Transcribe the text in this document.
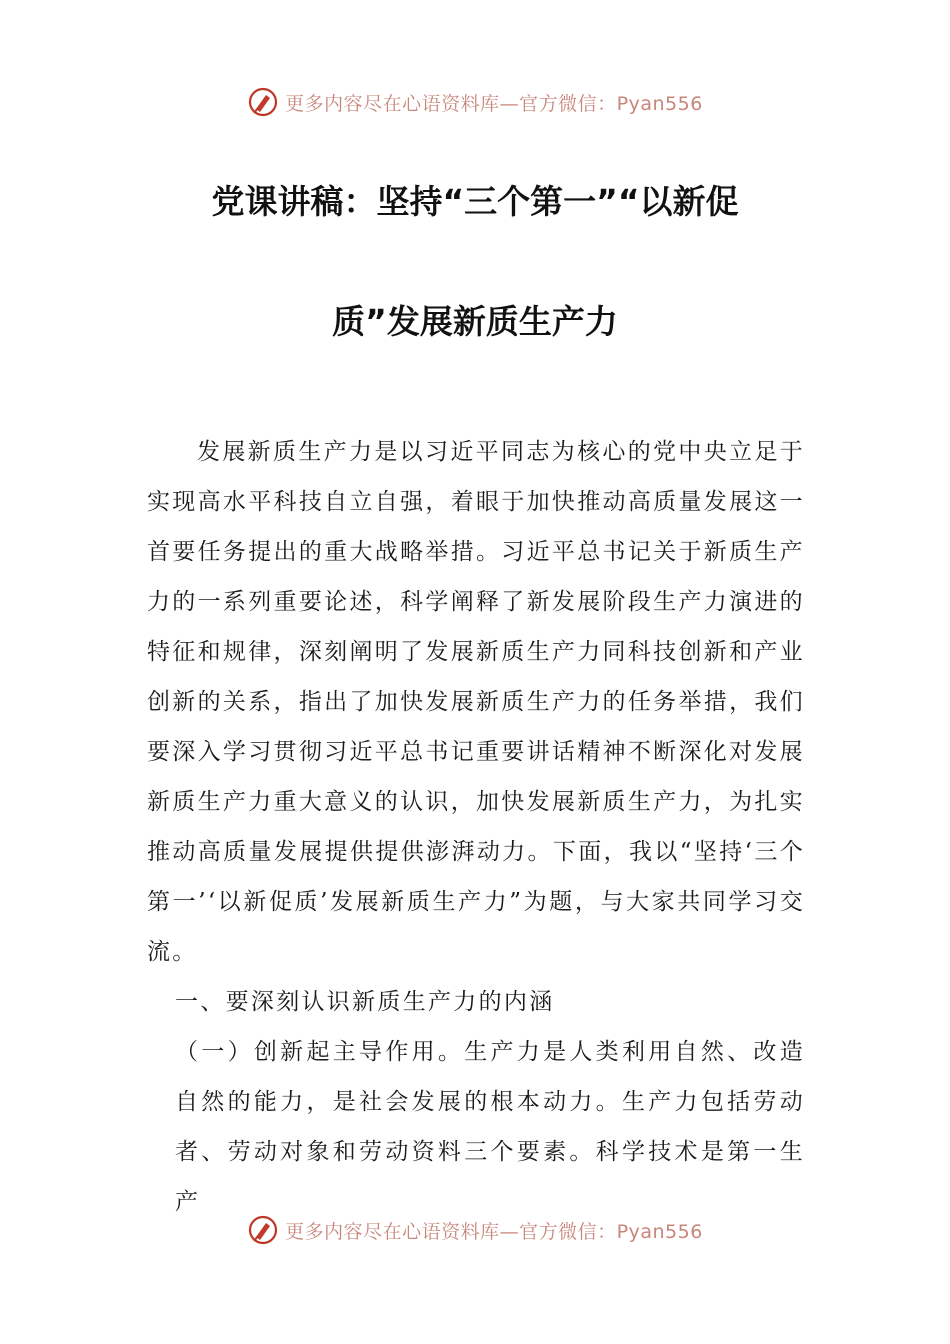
更多内容尽在心语资料库—官方微信：Pyan556
党课讲稿：坚持“三个第一”“以新促
质”发展新质生产力

发展新质生产力是以习近平同志为核心的党中央立足于实现高水平科技自立自强，着眼于加快推动高质量发展这一首要任务提出的重大战略举措。习近平总书记关于新质生产力的一系列重要论述，科学阐释了新发展阶段生产力演进的特征和规律，深刻阐明了发展新质生产力同科技创新和产业创新的关系，指出了加快发展新质生产力的任务举措，我们要深入学习贯彻习近平总书记重要讲话精神不断深化对发展新质生产力重大意义的认识，加快发展新质生产力，为扎实推动高质量发展提供提供澎湃动力。下面，我以“坚持‘三个第一’‘以新促质’发展新质生产力”为题，与大家共同学习交流。

一、要深刻认识新质生产力的内涵

（一）创新起主导作用。生产力是人类利用自然、改造自然的能力，是社会发展的根本动力。生产力包括劳动者、劳动对象和劳动资料三个要素。科学技术是第一生产

更多内容尽在心语资料库—官方微信：Pyan556
